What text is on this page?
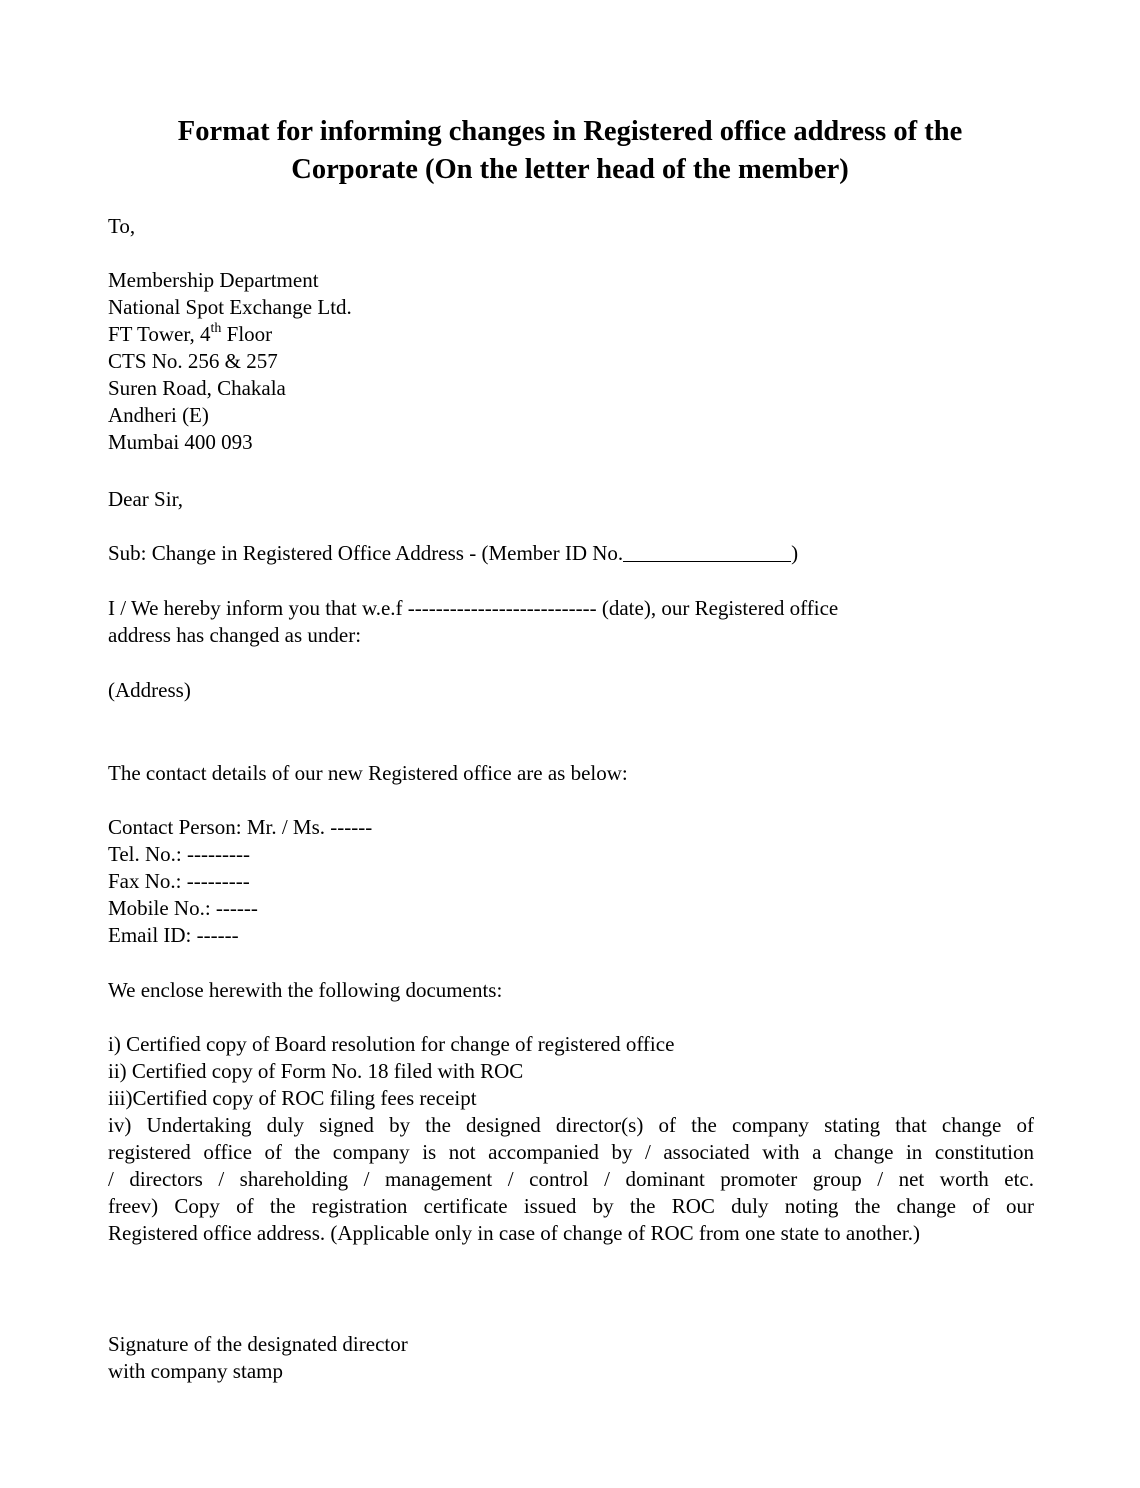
Format for informing changes in Registered office address of the
Corporate (On the letter head of the member)
To,
Membership Department
National Spot Exchange Ltd.
FT Tower, 4th Floor
CTS No. 256 & 257
Suren Road, Chakala
Andheri (E)
Mumbai 400 093
Dear Sir,
Sub: Change in Registered Office Address - (Member ID No.	)
I / We hereby inform you that w.e.f --------------------------- (date), our Registered office
address has changed as under:
(Address)
The contact details of our new Registered office are as below:
Contact Person: Mr. / Ms. ------
Tel. No.: ---------
Fax No.: ---------
Mobile No.: ------
Email ID: ------
We enclose herewith the following documents:
i) Certified copy of Board resolution for change of registered office
ii) Certified copy of Form No. 18 filed with ROC
iii)Certified copy of ROC filing fees receipt
iv) Undertaking duly signed by the designed director(s) of the company stating that change of
registered office of the company is not accompanied by / associated with a change in constitution
/ directors / shareholding / management / control / dominant promoter group / net worth etc.
freev) Copy of the registration certificate issued by the ROC duly noting the change of our
Registered office address. (Applicable only in case of change of ROC from one state to another.)
Signature of the designated director
with company stamp
